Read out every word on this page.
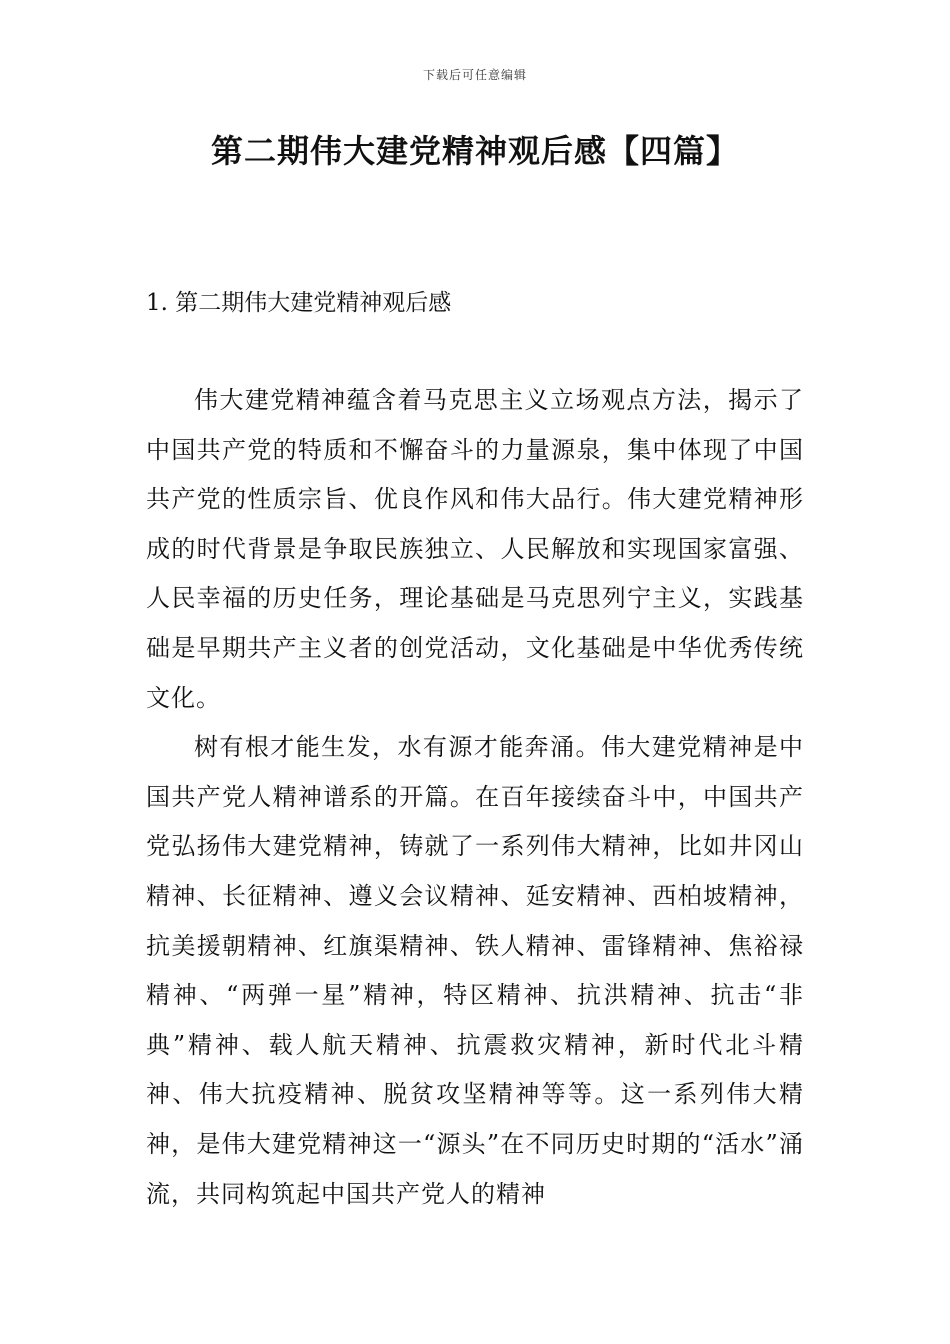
下载后可任意编辑
第二期伟大建党精神观后感【四篇】
1. 第二期伟大建党精神观后感

伟大建党精神蕴含着马克思主义立场观点方法，揭示了中国共产党的特质和不懈奋斗的力量源泉，集中体现了中国共产党的性质宗旨、优良作风和伟大品行。伟大建党精神形成的时代背景是争取民族独立、人民解放和实现国家富强、人民幸福的历史任务，理论基础是马克思列宁主义，实践基础是早期共产主义者的创党活动，文化基础是中华优秀传统文化。

树有根才能生发，水有源才能奔涌。伟大建党精神是中国共产党人精神谱系的开篇。在百年接续奋斗中，中国共产党弘扬伟大建党精神，铸就了一系列伟大精神，比如井冈山精神、长征精神、遵义会议精神、延安精神、西柏坡精神，抗美援朝精神、红旗渠精神、铁人精神、雷锋精神、焦裕禄精神、“两弹一星”精神，特区精神、抗洪精神、抗击“非典”精神、载人航天精神、抗震救灾精神，新时代北斗精神、伟大抗疫精神、脱贫攻坚精神等等。这一系列伟大精神，是伟大建党精神这一“源头”在不同历史时期的“活水”涌流，共同构筑起中国共产党人的精神
